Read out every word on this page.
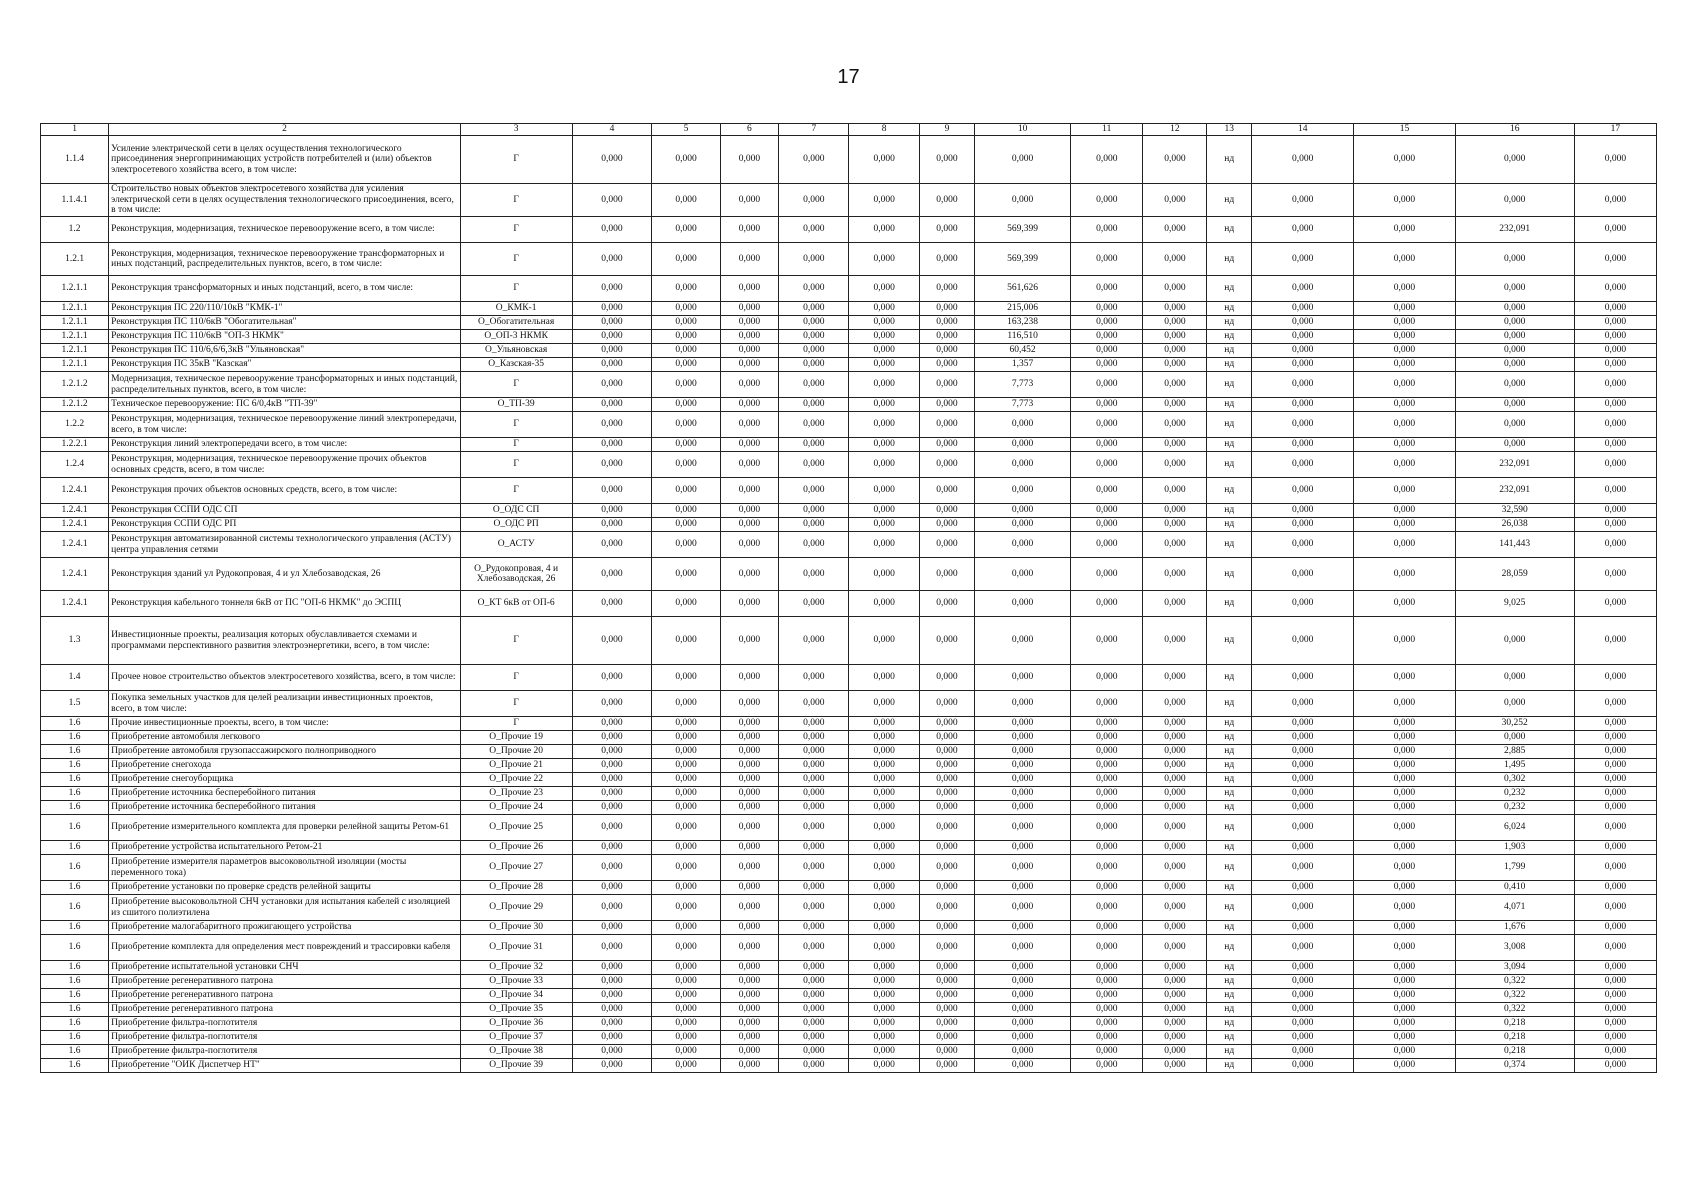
17
1	2	3	4	5	6	7	8	9	10	11	12	13	14	15	16	17
1.1.4	Усиление электрической сети в целях осуществления технологического присоединения энергопринимающих устройств потребителей и (или) объектов электросетевого хозяйства всего, в том числе:	Г	0,000	0,000	0,000	0,000	0,000	0,000	0,000	0,000	0,000	нд	0,000	0,000	0,000	0,000
1.1.4.1	Строительство новых объектов электросетевого хозяйства для усиления электрической сети в целях осуществления технологического присоединения, всего, в том числе:	Г	0,000	0,000	0,000	0,000	0,000	0,000	0,000	0,000	0,000	нд	0,000	0,000	0,000	0,000
1.2	Реконструкция, модернизация, техническое перевооружение всего, в том числе:	Г	0,000	0,000	0,000	0,000	0,000	0,000	569,399	0,000	0,000	нд	0,000	0,000	232,091	0,000
1.2.1	Реконструкция, модернизация, техническое перевооружение трансформаторных и иных подстанций, распределительных пунктов, всего, в том числе:	Г	0,000	0,000	0,000	0,000	0,000	0,000	569,399	0,000	0,000	нд	0,000	0,000	0,000	0,000
1.2.1.1	Реконструкция трансформаторных и иных подстанций, всего, в том числе:	Г	0,000	0,000	0,000	0,000	0,000	0,000	561,626	0,000	0,000	нд	0,000	0,000	0,000	0,000
1.2.1.1	Реконструкция ПС 220/110/10кВ "КМК-1"	O_КМК-1	0,000	0,000	0,000	0,000	0,000	0,000	215,006	0,000	0,000	нд	0,000	0,000	0,000	0,000
1.2.1.1	Реконструкция ПС 110/6кВ "Обогатительная"	O_Обогатительная	0,000	0,000	0,000	0,000	0,000	0,000	163,238	0,000	0,000	нд	0,000	0,000	0,000	0,000
1.2.1.1	Реконструкция ПС 110/6кВ "ОП-3 НКМК"	O_ОП-3 НКМК	0,000	0,000	0,000	0,000	0,000	0,000	116,510	0,000	0,000	нд	0,000	0,000	0,000	0,000
1.2.1.1	Реконструкция ПС 110/6,6/6,3кВ "Ульяновская"	O_Ульяновская	0,000	0,000	0,000	0,000	0,000	0,000	60,452	0,000	0,000	нд	0,000	0,000	0,000	0,000
1.2.1.1	Реконструкция ПС 35кВ "Казская"	O_Казская-35	0,000	0,000	0,000	0,000	0,000	0,000	1,357	0,000	0,000	нд	0,000	0,000	0,000	0,000
1.2.1.2	Модернизация, техническое перевооружение трансформаторных и иных подстанций, распределительных пунктов, всего, в том числе:	Г	0,000	0,000	0,000	0,000	0,000	0,000	7,773	0,000	0,000	нд	0,000	0,000	0,000	0,000
1.2.1.2	Техническое перевооружение: ПС 6/0,4кВ "ТП-39"	O_ТП-39	0,000	0,000	0,000	0,000	0,000	0,000	7,773	0,000	0,000	нд	0,000	0,000	0,000	0,000
1.2.2	Реконструкция, модернизация, техническое перевооружение линий электропередачи, всего, в том числе:	Г	0,000	0,000	0,000	0,000	0,000	0,000	0,000	0,000	0,000	нд	0,000	0,000	0,000	0,000
1.2.2.1	Реконструкция линий электропередачи всего, в том числе:	Г	0,000	0,000	0,000	0,000	0,000	0,000	0,000	0,000	0,000	нд	0,000	0,000	0,000	0,000
1.2.4	Реконструкция, модернизация, техническое перевооружение прочих объектов основных средств, всего, в том числе:	Г	0,000	0,000	0,000	0,000	0,000	0,000	0,000	0,000	0,000	нд	0,000	0,000	232,091	0,000
1.2.4.1	Реконструкция прочих объектов основных средств, всего, в том числе:	Г	0,000	0,000	0,000	0,000	0,000	0,000	0,000	0,000	0,000	нд	0,000	0,000	232,091	0,000
1.2.4.1	Реконструкция ССПИ ОДС СП	O_ОДС СП	0,000	0,000	0,000	0,000	0,000	0,000	0,000	0,000	0,000	нд	0,000	0,000	32,590	0,000
1.2.4.1	Реконструкция ССПИ ОДС РП	O_ОДС РП	0,000	0,000	0,000	0,000	0,000	0,000	0,000	0,000	0,000	нд	0,000	0,000	26,038	0,000
1.2.4.1	Реконструкция автоматизированной системы технологического управления (АСТУ) центра управления сетями	O_АСТУ	0,000	0,000	0,000	0,000	0,000	0,000	0,000	0,000	0,000	нд	0,000	0,000	141,443	0,000
1.2.4.1	Реконструкция зданий ул Рудокопровая, 4 и ул Хлебозаводская, 26	O_Рудокопровая, 4 и Хлебозаводская, 26	0,000	0,000	0,000	0,000	0,000	0,000	0,000	0,000	0,000	нд	0,000	0,000	28,059	0,000
1.2.4.1	Реконструкция кабельного тоннеля 6кВ от ПС "ОП-6 НКМК" до ЭСПЦ	O_КТ 6кВ от ОП-6	0,000	0,000	0,000	0,000	0,000	0,000	0,000	0,000	0,000	нд	0,000	0,000	9,025	0,000
1.3	Инвестиционные проекты, реализация которых обуславливается схемами и программами перспективного развития электроэнергетики, всего, в том числе:	Г	0,000	0,000	0,000	0,000	0,000	0,000	0,000	0,000	0,000	нд	0,000	0,000	0,000	0,000
1.4	Прочее новое строительство объектов электросетевого хозяйства, всего, в том числе:	Г	0,000	0,000	0,000	0,000	0,000	0,000	0,000	0,000	0,000	нд	0,000	0,000	0,000	0,000
1.5	Покупка земельных участков для целей реализации инвестиционных проектов, всего, в том числе:	Г	0,000	0,000	0,000	0,000	0,000	0,000	0,000	0,000	0,000	нд	0,000	0,000	0,000	0,000
1.6	Прочие инвестиционные проекты, всего, в том числе:	Г	0,000	0,000	0,000	0,000	0,000	0,000	0,000	0,000	0,000	нд	0,000	0,000	30,252	0,000
1.6	Приобретение автомобиля легкового	O_Прочие 19	0,000	0,000	0,000	0,000	0,000	0,000	0,000	0,000	0,000	нд	0,000	0,000	0,000	0,000
1.6	Приобретение автомобиля грузопассажирского полноприводного	O_Прочие 20	0,000	0,000	0,000	0,000	0,000	0,000	0,000	0,000	0,000	нд	0,000	0,000	2,885	0,000
1.6	Приобретение снегохода	O_Прочие 21	0,000	0,000	0,000	0,000	0,000	0,000	0,000	0,000	0,000	нд	0,000	0,000	1,495	0,000
1.6	Приобретение снегоуборщика	O_Прочие 22	0,000	0,000	0,000	0,000	0,000	0,000	0,000	0,000	0,000	нд	0,000	0,000	0,302	0,000
1.6	Приобретение источника бесперебойного питания	O_Прочие 23	0,000	0,000	0,000	0,000	0,000	0,000	0,000	0,000	0,000	нд	0,000	0,000	0,232	0,000
1.6	Приобретение источника бесперебойного питания	O_Прочие 24	0,000	0,000	0,000	0,000	0,000	0,000	0,000	0,000	0,000	нд	0,000	0,000	0,232	0,000
1.6	Приобретение измерительного комплекта для проверки релейной защиты Ретом-61	O_Прочие 25	0,000	0,000	0,000	0,000	0,000	0,000	0,000	0,000	0,000	нд	0,000	0,000	6,024	0,000
1.6	Приобретение устройства испытательного Ретом-21	O_Прочие 26	0,000	0,000	0,000	0,000	0,000	0,000	0,000	0,000	0,000	нд	0,000	0,000	1,903	0,000
1.6	Приобретение измерителя параметров высоковольтной изоляции (мосты переменного тока)	O_Прочие 27	0,000	0,000	0,000	0,000	0,000	0,000	0,000	0,000	0,000	нд	0,000	0,000	1,799	0,000
1.6	Приобретение установки по проверке средств релейной защиты	O_Прочие 28	0,000	0,000	0,000	0,000	0,000	0,000	0,000	0,000	0,000	нд	0,000	0,000	0,410	0,000
1.6	Приобретение высоковольтной СНЧ установки для испытания кабелей с изоляцией из сшитого полиэтилена	O_Прочие 29	0,000	0,000	0,000	0,000	0,000	0,000	0,000	0,000	0,000	нд	0,000	0,000	4,071	0,000
1.6	Приобретение малогабаритного прожигающего устройства	O_Прочие 30	0,000	0,000	0,000	0,000	0,000	0,000	0,000	0,000	0,000	нд	0,000	0,000	1,676	0,000
1.6	Приобретение комплекта для определения мест повреждений и трассировки кабеля	O_Прочие 31	0,000	0,000	0,000	0,000	0,000	0,000	0,000	0,000	0,000	нд	0,000	0,000	3,008	0,000
1.6	Приобретение испытательной установки СНЧ	O_Прочие 32	0,000	0,000	0,000	0,000	0,000	0,000	0,000	0,000	0,000	нд	0,000	0,000	3,094	0,000
1.6	Приобретение регенеративного патрона	O_Прочие 33	0,000	0,000	0,000	0,000	0,000	0,000	0,000	0,000	0,000	нд	0,000	0,000	0,322	0,000
1.6	Приобретение регенеративного патрона	O_Прочие 34	0,000	0,000	0,000	0,000	0,000	0,000	0,000	0,000	0,000	нд	0,000	0,000	0,322	0,000
1.6	Приобретение регенеративного патрона	O_Прочие 35	0,000	0,000	0,000	0,000	0,000	0,000	0,000	0,000	0,000	нд	0,000	0,000	0,322	0,000
1.6	Приобретение фильтра-поглотителя	O_Прочие 36	0,000	0,000	0,000	0,000	0,000	0,000	0,000	0,000	0,000	нд	0,000	0,000	0,218	0,000
1.6	Приобретение фильтра-поглотителя	O_Прочие 37	0,000	0,000	0,000	0,000	0,000	0,000	0,000	0,000	0,000	нд	0,000	0,000	0,218	0,000
1.6	Приобретение фильтра-поглотителя	O_Прочие 38	0,000	0,000	0,000	0,000	0,000	0,000	0,000	0,000	0,000	нд	0,000	0,000	0,218	0,000
1.6	Приобретение "ОИК Диспетчер НТ"	O_Прочие 39	0,000	0,000	0,000	0,000	0,000	0,000	0,000	0,000	0,000	нд	0,000	0,000	0,374	0,000
